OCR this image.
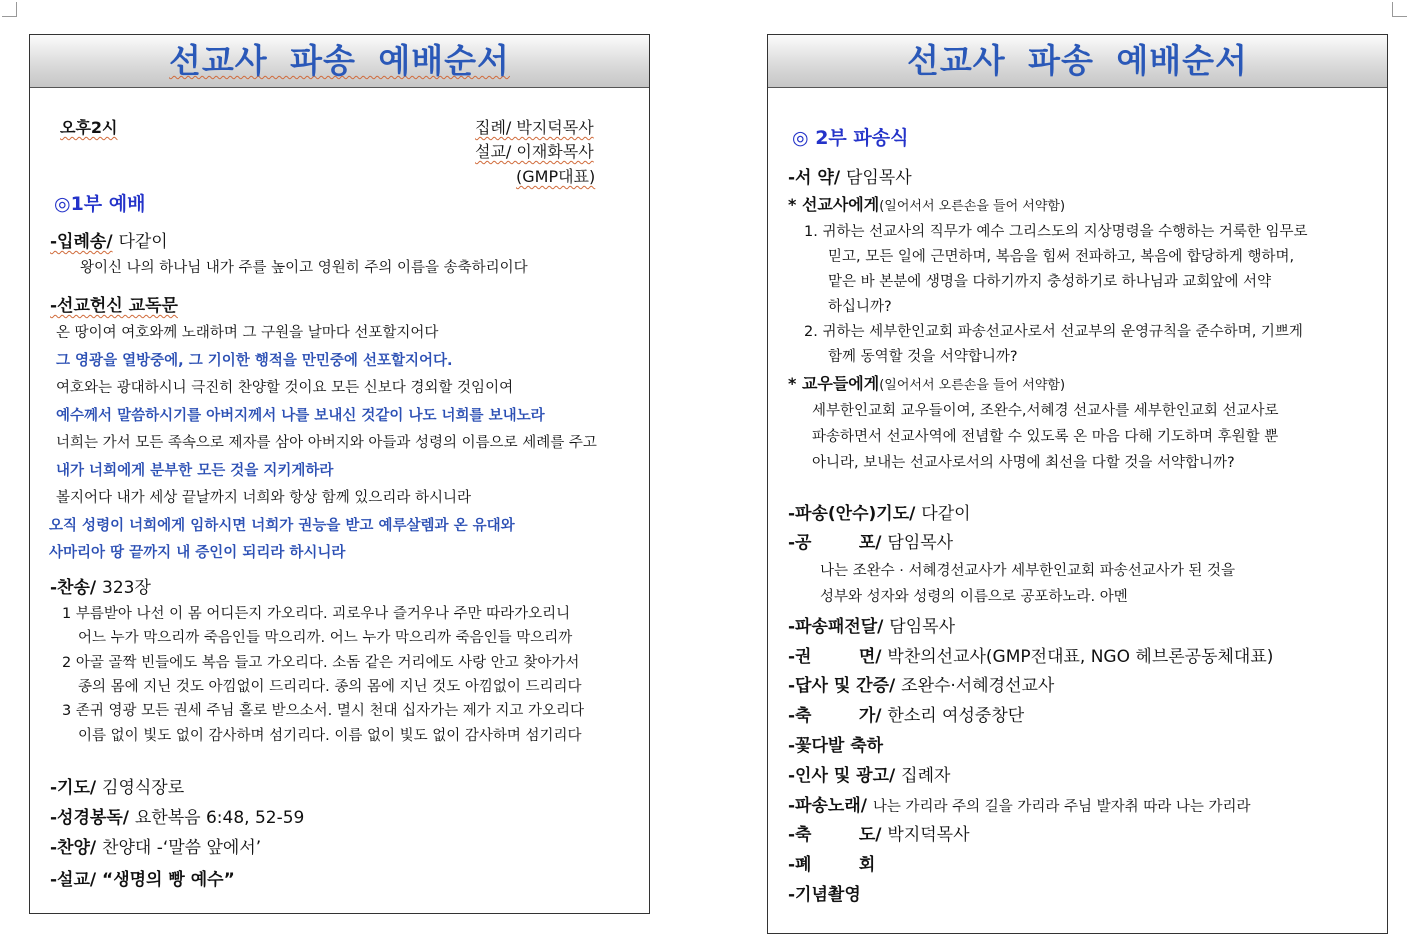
선교사 파송 예배순서
오후2시	집례/ 박지덕목사
설교/ 이재화목사
(GMP대표)
◎1부 예배
-입례송/ 다같이
왕이신 나의 하나님 내가 주를 높이고 영원히 주의 이름을 송축하리이다
-선교헌신 교독문
-찬송/ 323장
-기도/ 김영식장로
-성경봉독/ 요한복음 6:48, 52-59
-찬양/ 찬양대 -‘말씀 앞에서’
-설교/ “생명의 빵 예수”
온 땅이여 여호와께 노래하며 그 구원을 날마다 선포할지어다
그 영광을 열방중에, 그 기이한 행적을 만민중에 선포할지어다.
여호와는 광대하시니 극진히 찬양할 것이요 모든 신보다 경외할 것임이여
예수께서 말씀하시기를 아버지께서 나를 보내신 것같이 나도 너희를 보내노라
너희는 가서 모든 족속으로 제자를 삼아 아버지와 아들과 성령의 이름으로 세례를 주고
내가 너희에게 분부한 모든 것을 지키게하라
볼지어다 내가 세상 끝날까지 너희와 항상 함께 있으리라 하시니라
오직 성령이 너희에게 임하시면 너희가 권능을 받고 예루살렘과 온 유대와
사마리아 땅 끝까지 내 증인이 되리라 하시니라
1 부름받아 나선 이 몸 어디든지 가오리다. 괴로우나 즐거우나 주만 따라가오리니
어느 누가 막으리까 죽음인들 막으리까. 어느 누가 막으리까 죽음인들 막으리까
2 아골 골짝 빈들에도 복음 들고 가오리다. 소돔 같은 거리에도 사랑 안고 찾아가서
종의 몸에 지닌 것도 아낌없이 드리리다. 종의 몸에 지닌 것도 아낌없이 드리리다
3 존귀 영광 모든 권세 주님 홀로 받으소서. 멸시 천대 십자가는 제가 지고 가오리다
이름 없이 빛도 없이 감사하며 섬기리다. 이름 없이 빛도 없이 감사하며 섬기리다
선교사 파송 예배순서
◎ 2부 파송식
-서 약/ 담임목사
* 선교사에게(일어서서 오른손을 들어 서약함)
* 교우들에게(일어서서 오른손을 들어 서약함)
-파송(안수)기도/ 다같이
-공        포/ 담임목사
-파송패전달/ 담임목사
-권        면/ 박찬의선교사(GMP전대표, NGO 헤브론공동체대표)
-답사 및 간증/ 조완수·서혜경선교사
-축        가/ 한소리 여성중창단
-꽃다발 축하
-인사 및 광고/ 집례자
-파송노래/ 나는 가리라 주의 길을 가리라 주님 발자취 따라 나는 가리라
-축        도/ 박지덕목사
-폐        회
-기념촬영
1. 귀하는 선교사의 직무가 예수 그리스도의 지상명령을 수행하는 거룩한 임무로
믿고, 모든 일에 근면하며, 복음을 힘써 전파하고, 복음에 합당하게 행하며,
맡은 바 본분에 생명을 다하기까지 충성하기로 하나님과 교회앞에 서약
하십니까?
2. 귀하는 세부한인교회 파송선교사로서 선교부의 운영규칙을 준수하며, 기쁘게
함께 동역할 것을 서약합니까?
세부한인교회 교우들이여, 조완수,서혜경 선교사를 세부한인교회 선교사로
파송하면서 선교사역에 전념할 수 있도록 온 마음 다해 기도하며 후원할 뿐
아니라, 보내는 선교사로서의 사명에 최선을 다할 것을 서약합니까?
나는 조완수 · 서혜경선교사가 세부한인교회 파송선교사가 된 것을
성부와 성자와 성령의 이름으로 공포하노라. 아멘
